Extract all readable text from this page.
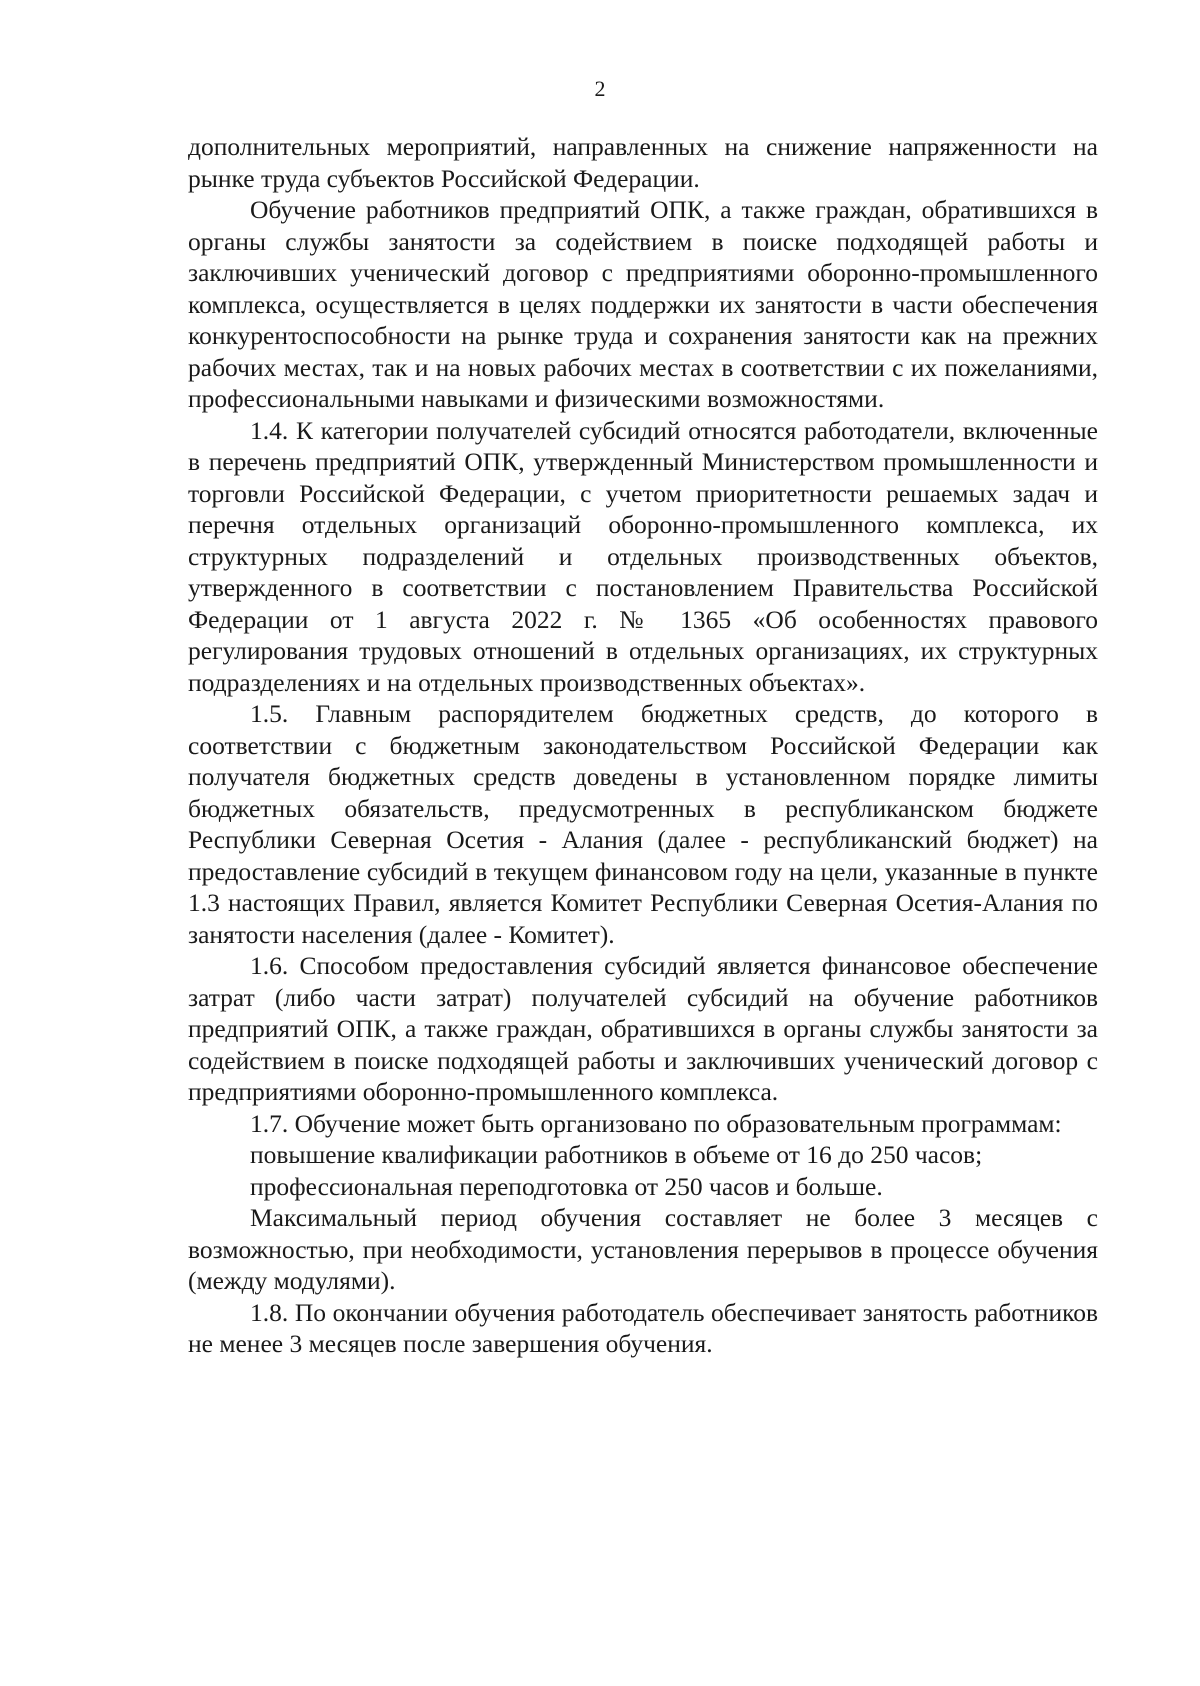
2

дополнительных мероприятий, направленных на снижение напряженности на рынке труда субъектов Российской Федерации.

Обучение работников предприятий ОПК, а также граждан, обратившихся в органы службы занятости за содействием в поиске подходящей работы и заключивших ученический договор с предприятиями оборонно-промышленного комплекса, осуществляется в целях поддержки их занятости в части обеспечения конкурентоспособности на рынке труда и сохранения занятости как на прежних рабочих местах, так и на новых рабочих местах в соответствии с их пожеланиями, профессиональными навыками и физическими возможностями.

1.4. К категории получателей субсидий относятся работодатели, включенные в перечень предприятий ОПК, утвержденный Министерством промышленности и торговли Российской Федерации, с учетом приоритетности решаемых задач и перечня отдельных организаций оборонно-промышленного комплекса, их структурных подразделений и отдельных производственных объектов, утвержденного в соответствии с постановлением Правительства Российской Федерации от 1 августа 2022 г. № 1365 «Об особенностях правового регулирования трудовых отношений в отдельных организациях, их структурных подразделениях и на отдельных производственных объектах».

1.5. Главным распорядителем бюджетных средств, до которого в соответствии с бюджетным законодательством Российской Федерации как получателя бюджетных средств доведены в установленном порядке лимиты бюджетных обязательств, предусмотренных в республиканском бюджете Республики Северная Осетия - Алания (далее - республиканский бюджет) на предоставление субсидий в текущем финансовом году на цели, указанные в пункте 1.3 настоящих Правил, является Комитет Республики Северная Осетия-Алания по занятости населения (далее - Комитет).

1.6. Способом предоставления субсидий является финансовое обеспечение затрат (либо части затрат) получателей субсидий на обучение работников предприятий ОПК, а также граждан, обратившихся в органы службы занятости за содействием в поиске подходящей работы и заключивших ученический договор с предприятиями оборонно-промышленного комплекса.

1.7. Обучение может быть организовано по образовательным программам:

повышение квалификации работников в объеме от 16 до 250 часов;

профессиональная переподготовка от 250 часов и больше.

Максимальный период обучения составляет не более 3 месяцев с возможностью, при необходимости, установления перерывов в процессе обучения (между модулями).

1.8. По окончании обучения работодатель обеспечивает занятость работников не менее 3 месяцев после завершения обучения.
